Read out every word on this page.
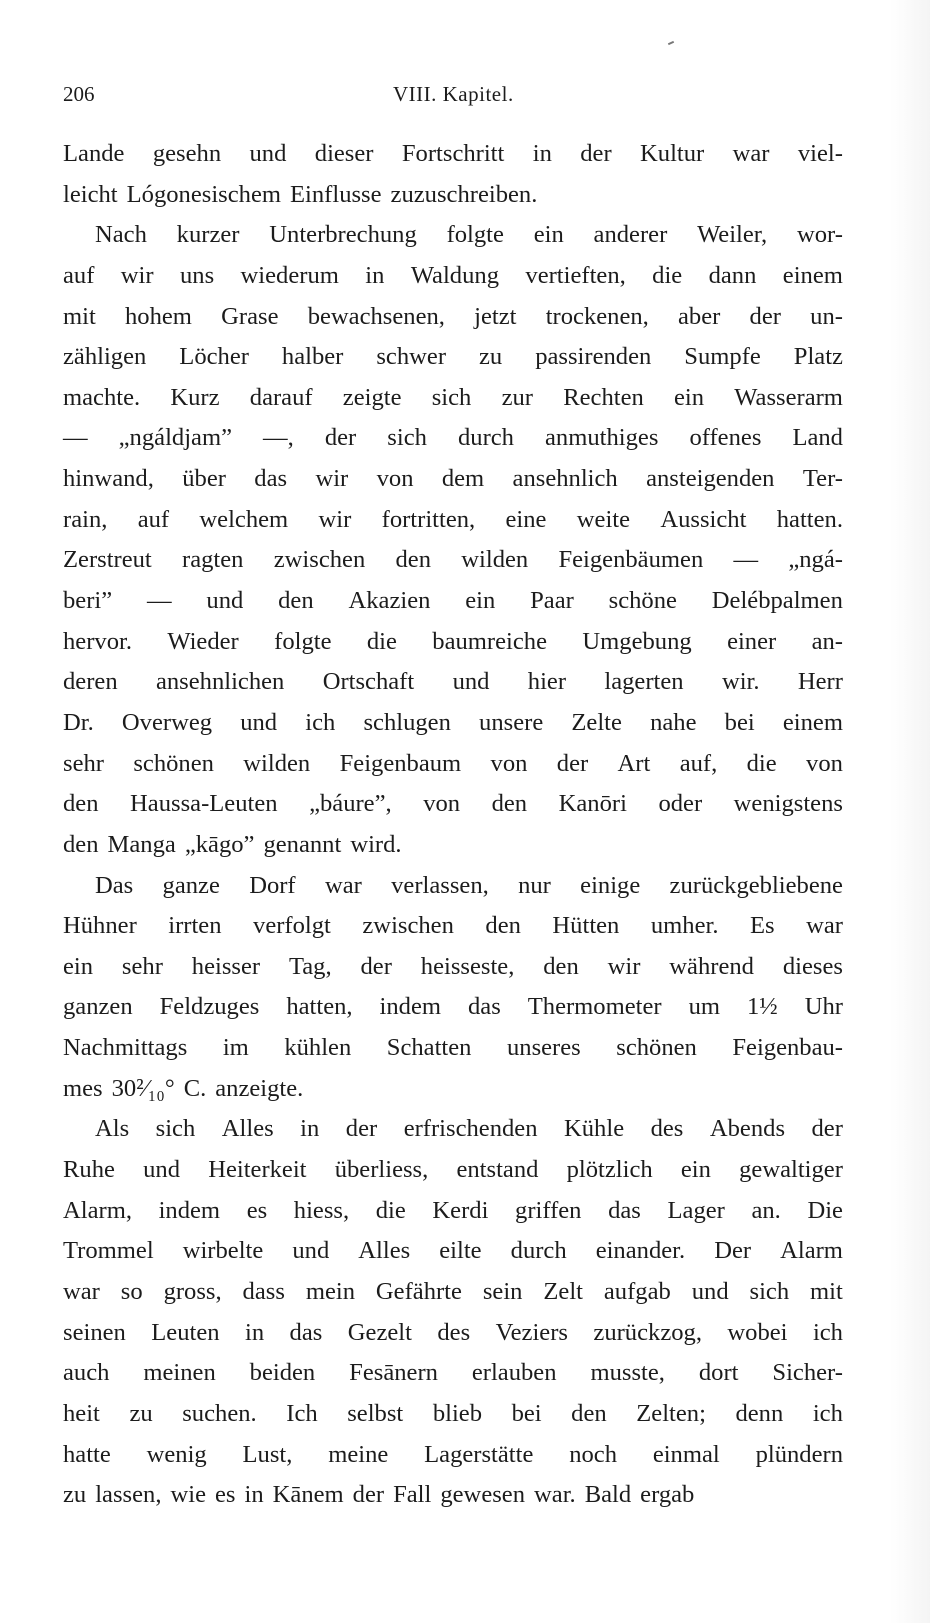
206	VIII. Kapitel.
Lande gesehn und dieser Fortschritt in der Kultur war viel-
leicht Lógonesischem Einflusse zuzuschreiben.
Nach kurzer Unterbrechung folgte ein anderer Weiler, wor-
auf wir uns wiederum in Waldung vertieften, die dann einem
mit hohem Grase bewachsenen, jetzt trockenen, aber der un-
zähligen Löcher halber schwer zu passirenden Sumpfe Platz
machte. Kurz darauf zeigte sich zur Rechten ein Wasserarm
— „ngáldjam” —, der sich durch anmuthiges offenes Land
hinwand, über das wir von dem ansehnlich ansteigenden Ter-
rain, auf welchem wir fortritten, eine weite Aussicht hatten.
Zerstreut ragten zwischen den wilden Feigenbäumen — „ngá-
beri” — und den Akazien ein Paar schöne Delébpalmen
hervor. Wieder folgte die baumreiche Umgebung einer an-
deren ansehnlichen Ortschaft und hier lagerten wir. Herr
Dr. Overweg und ich schlugen unsere Zelte nahe bei einem
sehr schönen wilden Feigenbaum von der Art auf, die von
den Haussa-Leuten „báure”, von den Kanōri oder wenigstens
den Manga „kāgo” genannt wird.
Das ganze Dorf war verlassen, nur einige zurückgebliebene
Hühner irrten verfolgt zwischen den Hütten umher. Es war
ein sehr heisser Tag, der heisseste, den wir während dieses
ganzen Feldzuges hatten, indem das Thermometer um 1½ Uhr
Nachmittags im kühlen Schatten unseres schönen Feigenbau-
mes 30²⁄₁₀° C. anzeigte.
Als sich Alles in der erfrischenden Kühle des Abends der
Ruhe und Heiterkeit überliess, entstand plötzlich ein gewaltiger
Alarm, indem es hiess, die Kerdi griffen das Lager an. Die
Trommel wirbelte und Alles eilte durch einander. Der Alarm
war so gross, dass mein Gefährte sein Zelt aufgab und sich mit
seinen Leuten in das Gezelt des Veziers zurückzog, wobei ich
auch meinen beiden Fesānern erlauben musste, dort Sicher-
heit zu suchen. Ich selbst blieb bei den Zelten; denn ich
hatte wenig Lust, meine Lagerstätte noch einmal plündern
zu lassen, wie es in Kānem der Fall gewesen war. Bald ergab
